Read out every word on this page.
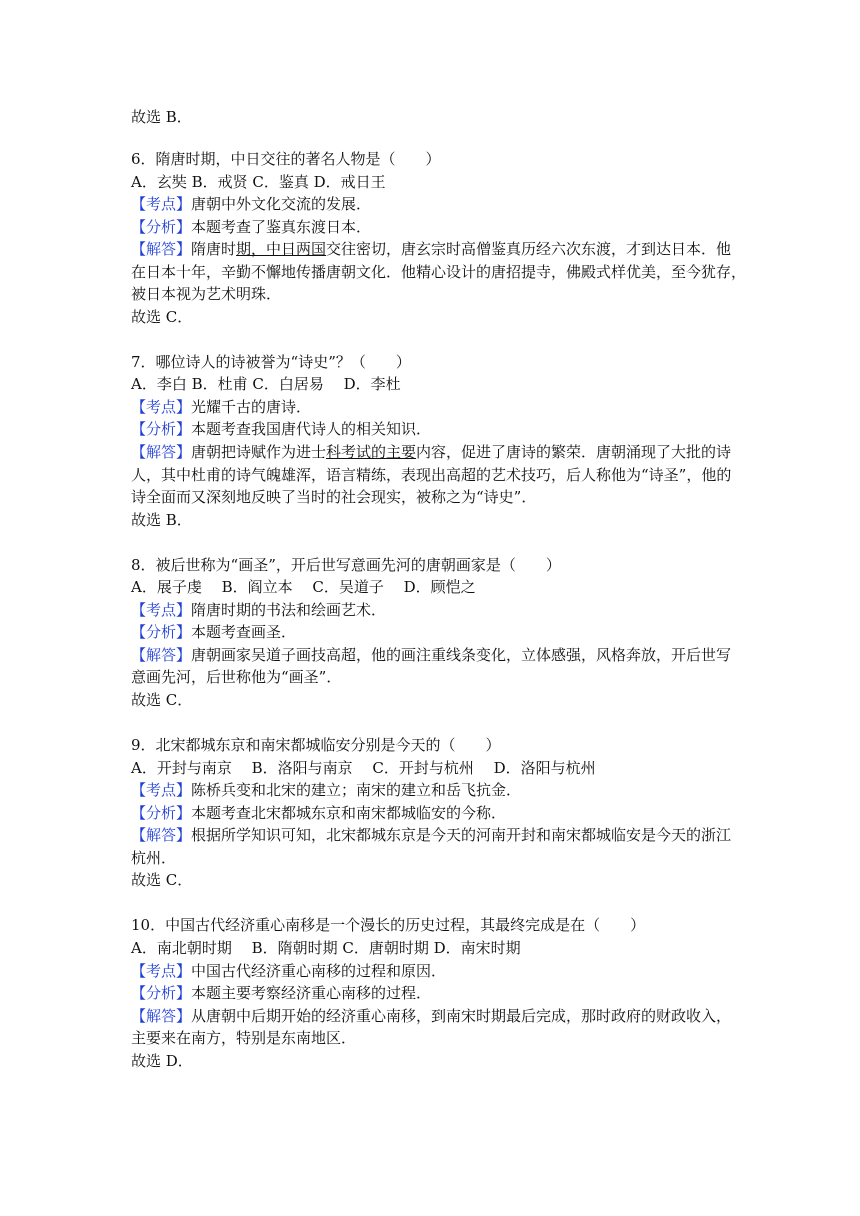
故选 B．
6．隋唐时期，中日交往的著名人物是（　　）
A．玄奘 B．戒贤 C．鉴真 D．戒日王
【考点】唐朝中外文化交流的发展．
【分析】本题考查了鉴真东渡日本．
【解答】隋唐时期，中日两国交往密切，唐玄宗时高僧鉴真历经六次东渡，才到达日本．他
在日本十年，辛勤不懈地传播唐朝文化．他精心设计的唐招提寺，佛殿式样优美，至今犹存，
被日本视为艺术明珠．
故选 C．
7．哪位诗人的诗被誉为“诗史”？（　　）
A．李白 B．杜甫 C．白居易　 D．李杜
【考点】光耀千古的唐诗．
【分析】本题考查我国唐代诗人的相关知识．
【解答】唐朝把诗赋作为进士科考试的主要内容，促进了唐诗的繁荣．唐朝涌现了大批的诗
人，其中杜甫的诗气魄雄浑，语言精练，表现出高超的艺术技巧，后人称他为“诗圣”，他的
诗全面而又深刻地反映了当时的社会现实，被称之为“诗史”．
故选 B．
8．被后世称为“画圣”，开后世写意画先河的唐朝画家是（　　）
A．展子虔　 B．阎立本　 C．吴道子　 D．顾恺之
【考点】隋唐时期的书法和绘画艺术．
【分析】本题考查画圣．
【解答】唐朝画家吴道子画技高超，他的画注重线条变化，立体感强，风格奔放，开后世写
意画先河，后世称他为“画圣”．
故选 C．
9．北宋都城东京和南宋都城临安分别是今天的（　　）
A．开封与南京　 B．洛阳与南京　 C．开封与杭州　 D．洛阳与杭州
【考点】陈桥兵变和北宋的建立；南宋的建立和岳飞抗金．
【分析】本题考查北宋都城东京和南宋都城临安的今称．
【解答】根据所学知识可知，北宋都城东京是今天的河南开封和南宋都城临安是今天的浙江
杭州．
故选 C．
10．中国古代经济重心南移是一个漫长的历史过程，其最终完成是在（　　）
A．南北朝时期　 B．隋朝时期 C．唐朝时期 D．南宋时期
【考点】中国古代经济重心南移的过程和原因．
【分析】本题主要考察经济重心南移的过程．
【解答】从唐朝中后期开始的经济重心南移，到南宋时期最后完成，那时政府的财政收入，
主要来在南方，特别是东南地区．
故选 D．
